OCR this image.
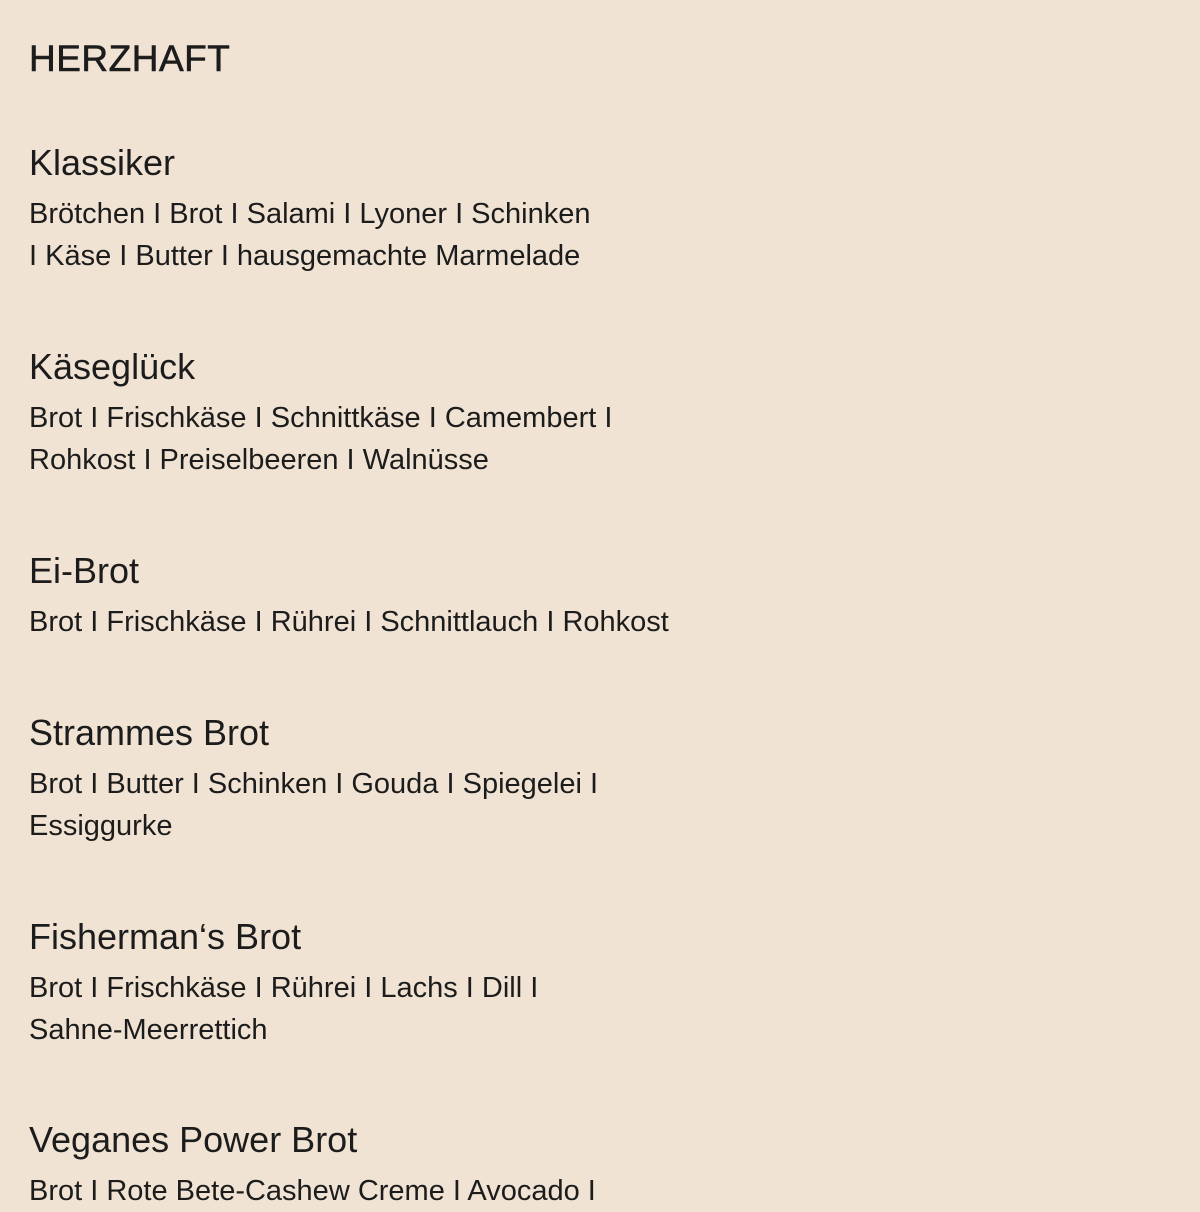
HERZHAFT
Klassiker

Brötchen I Brot I Salami I Lyoner I Schinken
I Käse I Butter I hausgemachte Marmelade

Käseglück

Brot I Frischkäse I Schnittkäse I Camembert I
Rohkost I Preiselbeeren I Walnüsse

Ei-Brot

Brot I Frischkäse I Rührei I Schnittlauch I Rohkost

Strammes Brot

Brot I Butter I Schinken I Gouda I Spiegelei I
Essiggurke

Fisherman‘s Brot

Brot I Frischkäse I Rührei I Lachs I Dill I
Sahne-Meerrettich

Veganes Power Brot

Brot I Rote Bete-Cashew Creme I Avocado I
